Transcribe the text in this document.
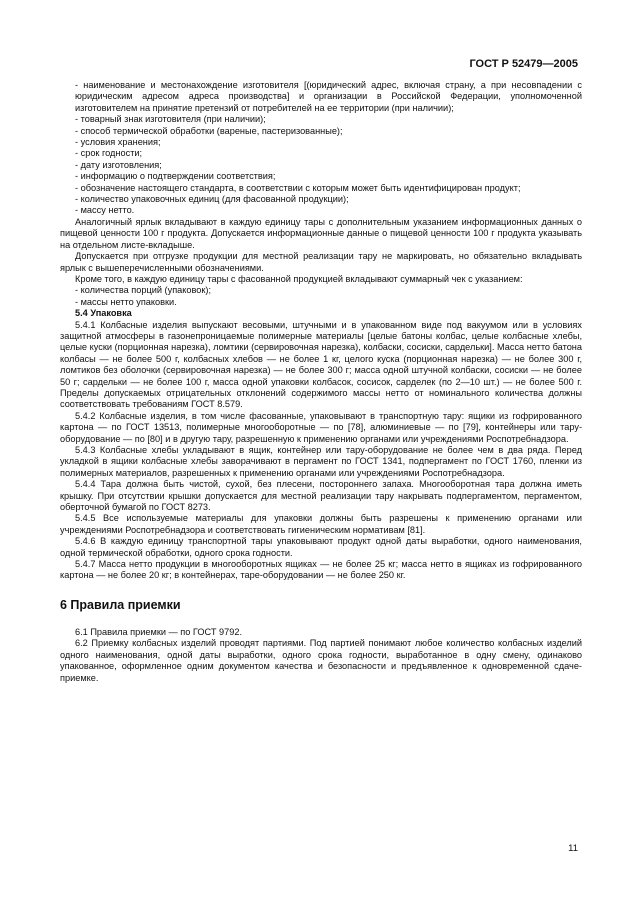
ГОСТ Р 52479—2005

- наименование и местонахождение изготовителя [(юридический адрес, включая страну, а при несовпадении с юридическим адресом адреса производства] и организации в Российской Федерации, уполномоченной изготовителем на принятие претензий от потребителей на ее территории (при наличии);

- товарный знак изготовителя (при наличии);

- способ термической обработки (вареные, пастеризованные);

- условия хранения;

- срок годности;

- дату изготовления;

- информацию о подтверждении соответствия;

- обозначение настоящего стандарта, в соответствии с которым может быть идентифицирован продукт;

- количество упаковочных единиц (для фасованной продукции);

- массу нетто.

Аналогичный ярлык вкладывают в каждую единицу тары с дополнительным указанием информационных данных о пищевой ценности 100 г продукта. Допускается информационные данные о пищевой ценности 100 г продукта указывать на отдельном листе-вкладыше.

Допускается при отгрузке продукции для местной реализации тару не маркировать, но обязательно вкладывать ярлык с вышеперечисленными обозначениями.

Кроме того, в каждую единицу тары с фасованной продукцией вкладывают суммарный чек с указанием:

- количества порций (упаковок);

- массы нетто упаковки.

5.4 Упаковка

5.4.1 Колбасные изделия выпускают весовыми, штучными и в упакованном виде под вакуумом или в условиях защитной атмосферы в газонепроницаемые полимерные материалы [целые батоны колбас, целые колбасные хлебы, целые куски (порционная нарезка), ломтики (сервировочная нарезка), колбаски, сосиски, сардельки]. Масса нетто батона колбасы — не более 500 г, колбасных хлебов — не более 1 кг, целого куска (порционная нарезка) — не более 300 г, ломтиков без оболочки (сервировочная нарезка) — не более 300 г; масса одной штучной колбаски, сосиски — не более 50 г; сардельки — не более 100 г, масса одной упаковки колбасок, сосисок, сарделек (по 2—10 шт.) — не более 500 г. Пределы допускаемых отрицательных отклонений содержимого массы нетто от номинального количества должны соответствовать требованиям ГОСТ 8.579.

5.4.2 Колбасные изделия, в том числе фасованные, упаковывают в транспортную тару: ящики из гофрированного картона — по ГОСТ 13513, полимерные многооборотные — по [78], алюминиевые — по [79], контейнеры или тару-оборудование — по [80] и в другую тару, разрешенную к применению органами или учреждениями Роспотребнадзора.

5.4.3 Колбасные хлебы укладывают в ящик, контейнер или тару-оборудование не более чем в два ряда. Перед укладкой в ящики колбасные хлебы заворачивают в пергамент по ГОСТ 1341, подпергамент по ГОСТ 1760, пленки из полимерных материалов, разрешенных к применению органами или учреждениями Роспотребнадзора.

5.4.4 Тара должна быть чистой, сухой, без плесени, постороннего запаха. Многооборотная тара должна иметь крышку. При отсутствии крышки допускается для местной реализации тару накрывать подпергаментом, пергаментом, оберточной бумагой по ГОСТ 8273.

5.4.5 Все используемые материалы для упаковки должны быть разрешены к применению органами или учреждениями Роспотребнадзора и соответствовать гигиеническим нормативам [81].

5.4.6 В каждую единицу транспортной тары упаковывают продукт одной даты выработки, одного наименования, одной термической обработки, одного срока годности.

5.4.7 Масса нетто продукции в многооборотных ящиках — не более 25 кг; масса нетто в ящиках из гофрированного картона — не более 20 кг; в контейнерах, таре-оборудовании — не более 250 кг.

6 Правила приемки

6.1 Правила приемки — по ГОСТ 9792.

6.2 Приемку колбасных изделий проводят партиями. Под партией понимают любое количество колбасных изделий одного наименования, одной даты выработки, одного срока годности, выработанное в одну смену, одинаково упакованное, оформленное одним документом качества и безопасности и предъявленное к одновременной сдаче-приемке.

11
